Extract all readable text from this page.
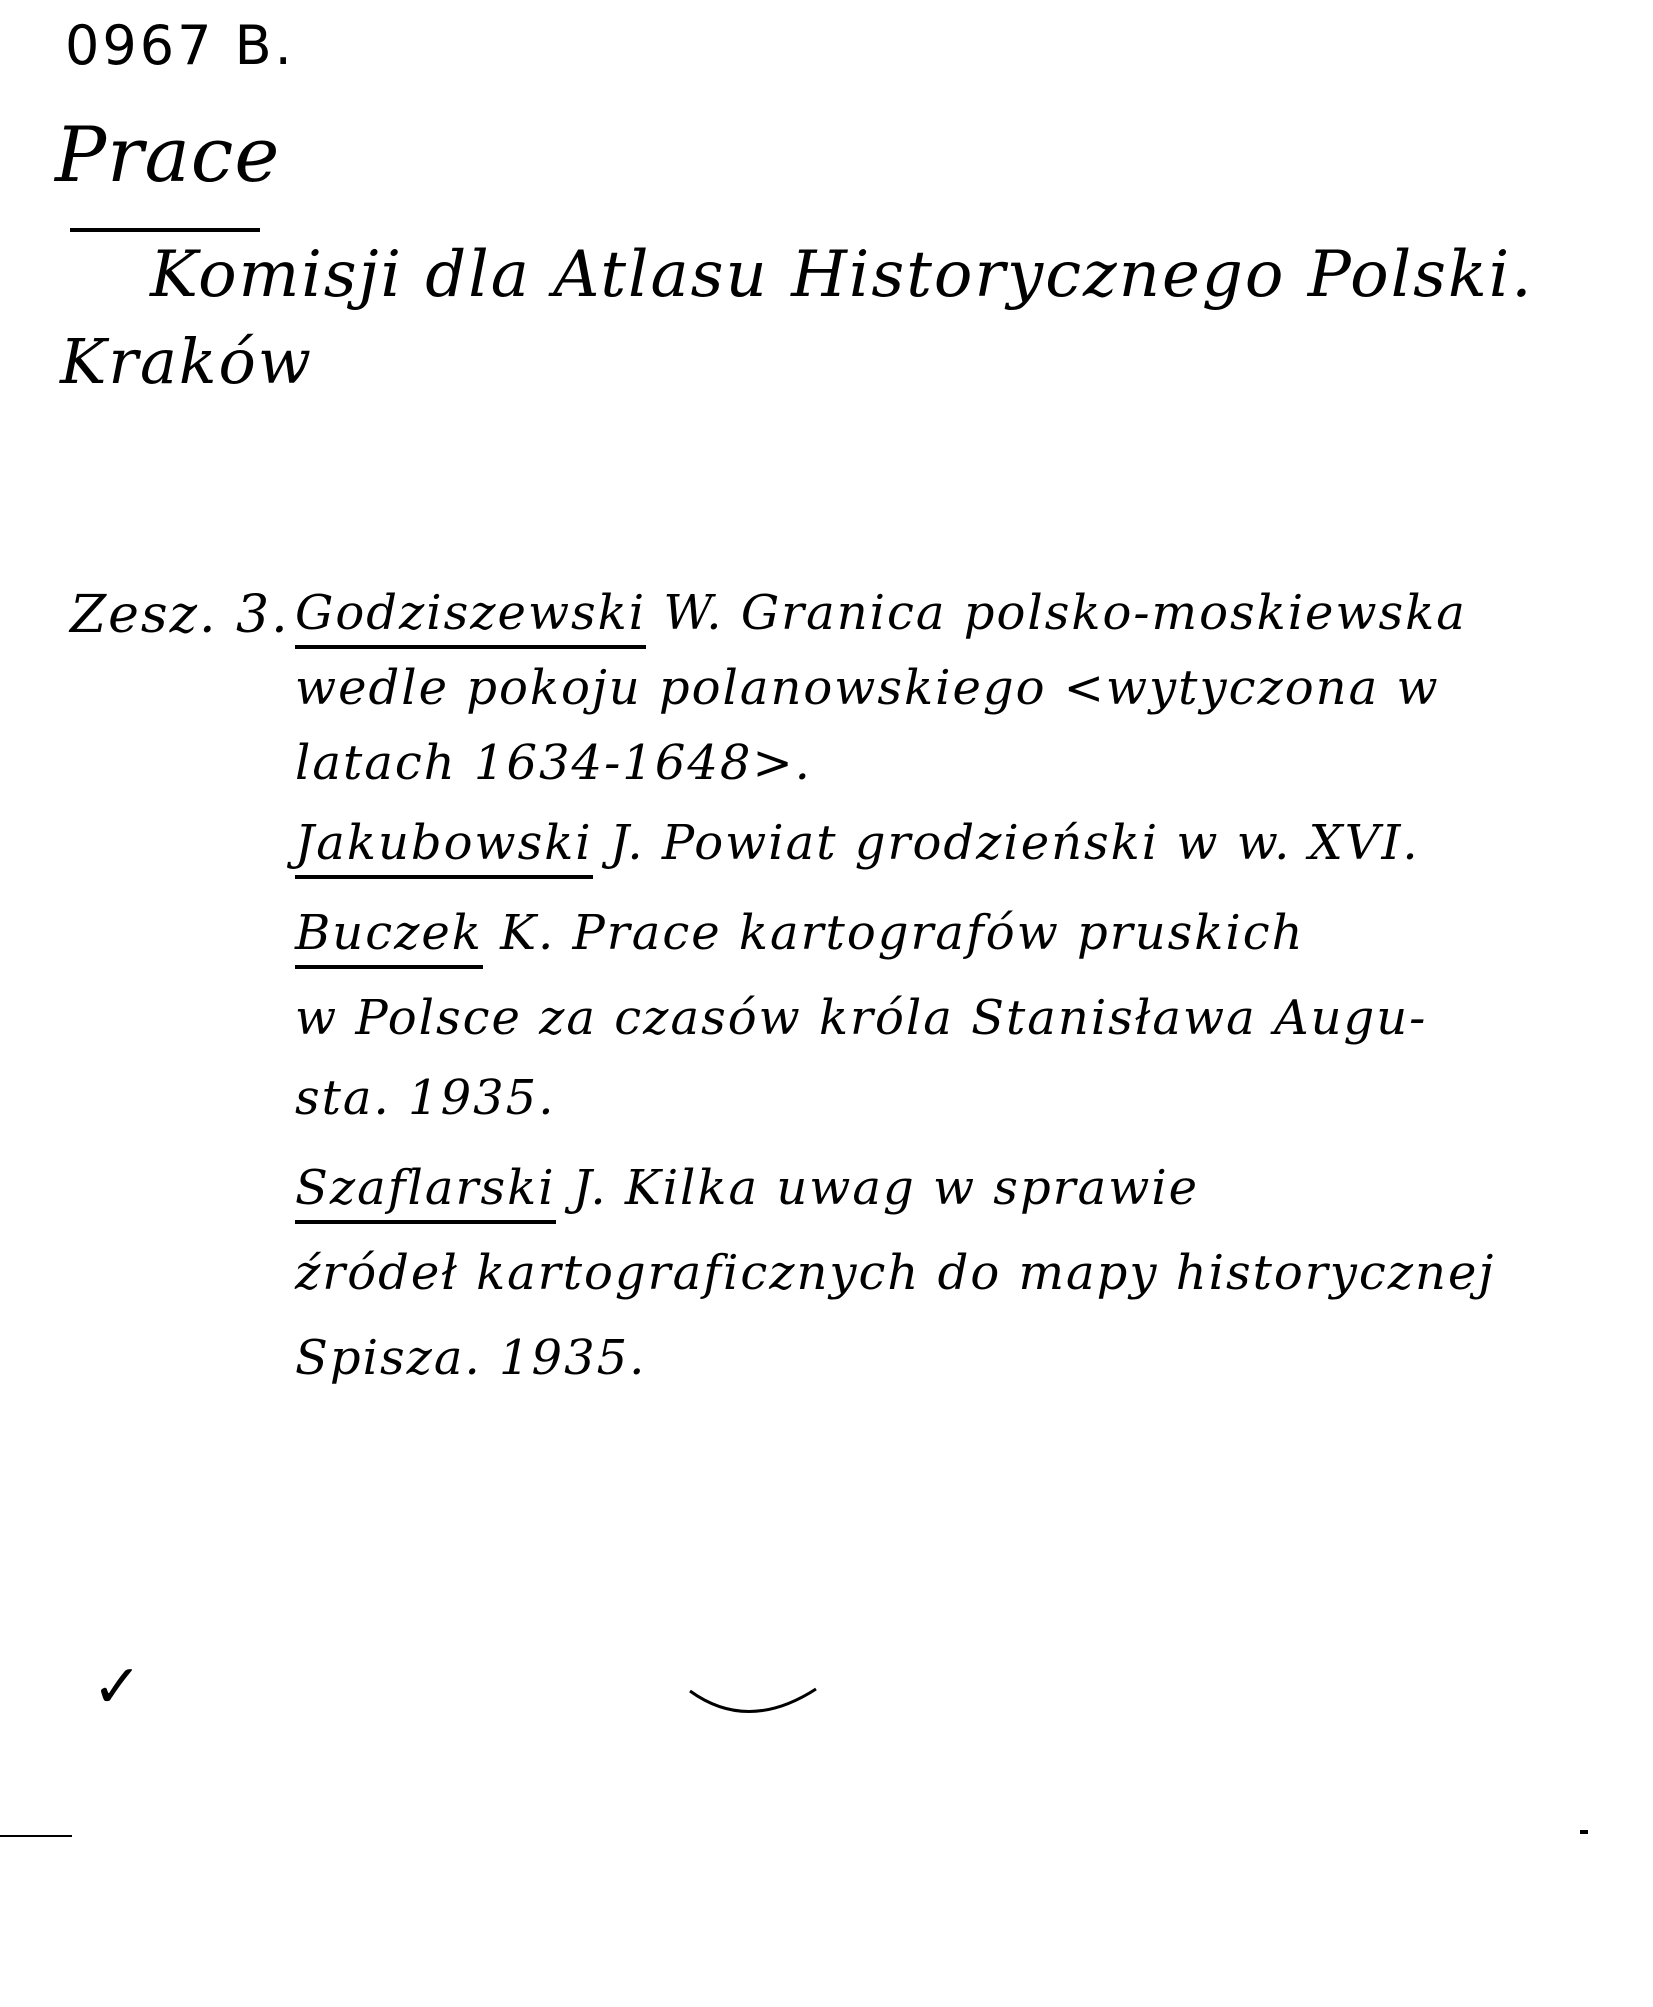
0967 B.
Prace
Komisji dla Atlasu Historycznego Polski.
Kraków
Zesz. 3. Godziszewski W. Granica polsko-moskiewska
wedle pokoju polanowskiego <wytyczona w
latach 1634-1648>.
Jakubowski J. Powiat grodzieński w w. XVI.
Buczek K. Prace kartografów pruskich
w Polsce za czasów króla Stanisława Augu-
sta. 1935.
Szaflarski J. Kilka uwag w sprawie
źródeł kartograficznych do mapy historycznej
Spisza. 1935.
✓
